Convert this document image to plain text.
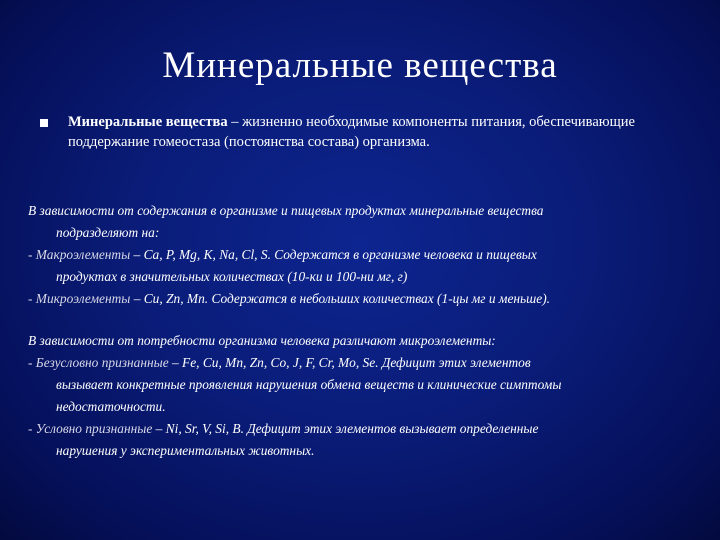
Минеральные вещества
Минеральные вещества – жизненно необходимые компоненты питания, обеспечивающие поддержание гомеостаза (постоянства состава) организма.

В зависимости от содержания в организме и пищевых продуктах минеральные вещества

подразделяют на:

- Макроэлементы – Ca, P, Mg, K, Na, Cl, S. Содержатся в организме человека и пищевых

продуктах в значительных количествах (10-ки и 100-ни мг, г)

- Микроэлементы – Cu, Zn, Mn. Содержатся в небольших количествах (1-цы мг и меньше).

В зависимости от потребности организма человека различают микроэлементы:

- Безусловно признанные – Fe, Cu, Mn, Zn, Co, J, F, Cr, Mo, Se. Дефицит этих элементов

вызывает конкретные проявления нарушения обмена веществ и клинические симптомы

недостаточности.

- Условно признанные – Ni, Sr, V, Si, B. Дефицит этих элементов вызывает определенные

нарушения у экспериментальных животных.
